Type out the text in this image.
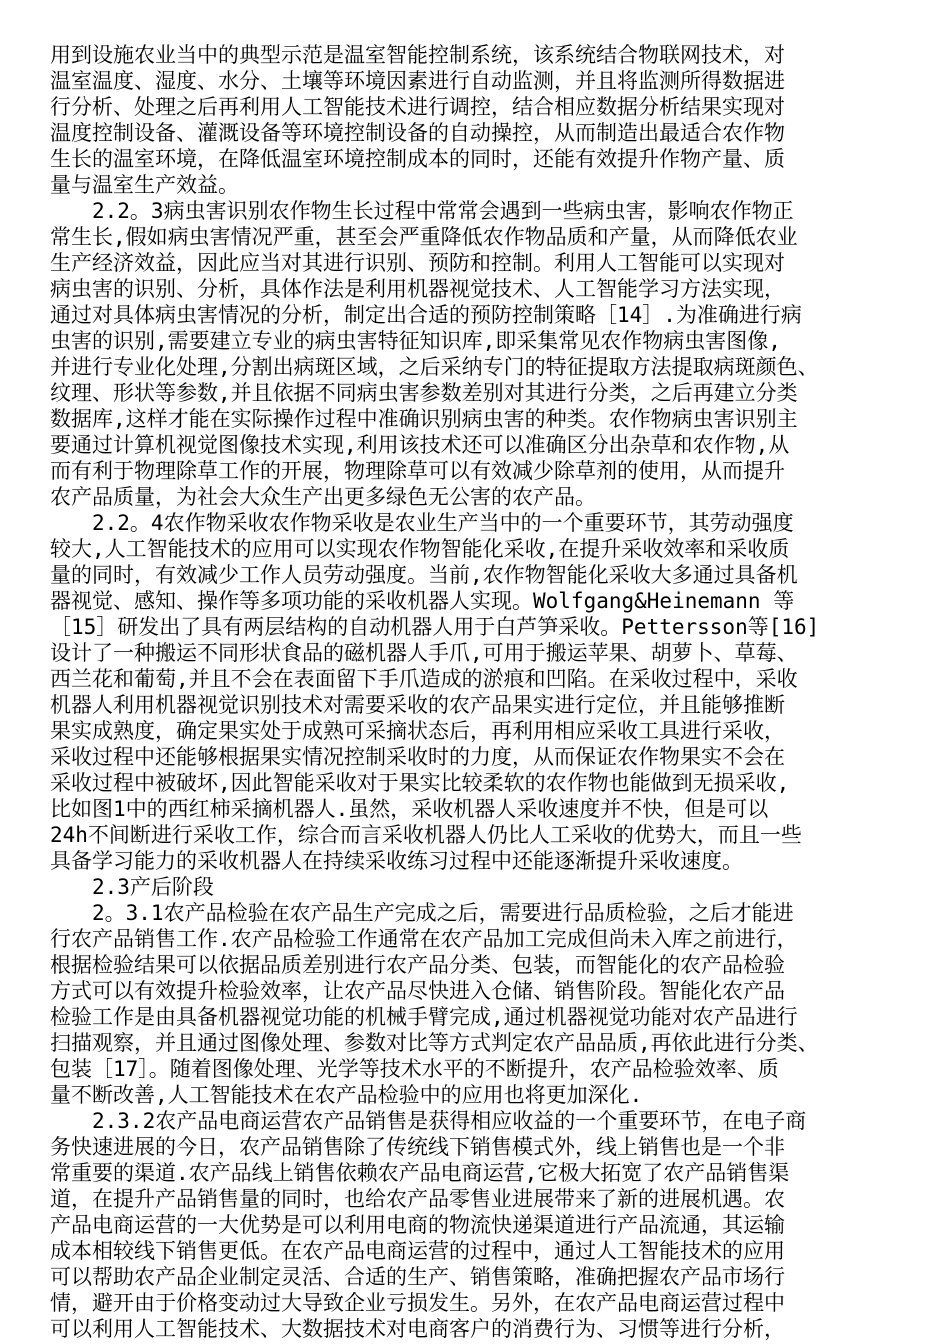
用到设施农业当中的典型示范是温室智能控制系统，该系统结合物联网技术，对
温室温度、湿度、水分、土壤等环境因素进行自动监测，并且将监测所得数据进
行分析、处理之后再利用人工智能技术进行调控，结合相应数据分析结果实现对
温度控制设备、灌溉设备等环境控制设备的自动操控，从而制造出最适合农作物
生长的温室环境，在降低温室环境控制成本的同时，还能有效提升作物产量、质
量与温室生产效益。
　　2.2。3病虫害识别农作物生长过程中常常会遇到一些病虫害，影响农作物正
常生长,假如病虫害情况严重，甚至会严重降低农作物品质和产量，从而降低农业
生产经济效益，因此应当对其进行识别、预防和控制。利用人工智能可以实现对
病虫害的识别、分析，具体作法是利用机器视觉技术、人工智能学习方法实现，
通过对具体病虫害情况的分析，制定出合适的预防控制策略［14］.为准确进行病
虫害的识别,需要建立专业的病虫害特征知识库,即采集常见农作物病虫害图像,
并进行专业化处理,分割出病斑区域，之后采纳专门的特征提取方法提取病斑颜色、
纹理、形状等参数,并且依据不同病虫害参数差别对其进行分类，之后再建立分类
数据库,这样才能在实际操作过程中准确识别病虫害的种类。农作物病虫害识别主
要通过计算机视觉图像技术实现,利用该技术还可以准确区分出杂草和农作物,从
而有利于物理除草工作的开展，物理除草可以有效减少除草剂的使用，从而提升
农产品质量，为社会大众生产出更多绿色无公害的农产品。
　　2.2。4农作物采收农作物采收是农业生产当中的一个重要环节，其劳动强度
较大,人工智能技术的应用可以实现农作物智能化采收,在提升采收效率和采收质
量的同时，有效减少工作人员劳动强度。当前,农作物智能化采收大多通过具备机
器视觉、感知、操作等多项功能的采收机器人实现。Wolfgang&Heinemann 等
［15］研发出了具有两层结构的自动机器人用于白芦笋采收。Pettersson等[16]
设计了一种搬运不同形状食品的磁机器人手爪,可用于搬运苹果、胡萝卜、草莓、
西兰花和葡萄,并且不会在表面留下手爪造成的淤痕和凹陷。在采收过程中，采收
机器人利用机器视觉识别技术对需要采收的农产品果实进行定位，并且能够推断
果实成熟度，确定果实处于成熟可采摘状态后，再利用相应采收工具进行采收，
采收过程中还能够根据果实情况控制采收时的力度，从而保证农作物果实不会在
采收过程中被破坏,因此智能采收对于果实比较柔软的农作物也能做到无损采收,
比如图1中的西红柿采摘机器人.虽然，采收机器人采收速度并不快，但是可以
24h不间断进行采收工作，综合而言采收机器人仍比人工采收的优势大，而且一些
具备学习能力的采收机器人在持续采收练习过程中还能逐渐提升采收速度。
　　2.3产后阶段
　　2。3.1农产品检验在农产品生产完成之后，需要进行品质检验，之后才能进
行农产品销售工作.农产品检验工作通常在农产品加工完成但尚未入库之前进行，
根据检验结果可以依据品质差别进行农产品分类、包装，而智能化的农产品检验
方式可以有效提升检验效率，让农产品尽快进入仓储、销售阶段。智能化农产品
检验工作是由具备机器视觉功能的机械手臂完成,通过机器视觉功能对农产品进行
扫描观察，并且通过图像处理、参数对比等方式判定农产品品质,再依此进行分类、
包装［17］。随着图像处理、光学等技术水平的不断提升，农产品检验效率、质
量不断改善,人工智能技术在农产品检验中的应用也将更加深化.
　　2.3.2农产品电商运营农产品销售是获得相应收益的一个重要环节，在电子商
务快速进展的今日，农产品销售除了传统线下销售模式外，线上销售也是一个非
常重要的渠道.农产品线上销售依赖农产品电商运营,它极大拓宽了农产品销售渠
道，在提升产品销售量的同时，也给农产品零售业进展带来了新的进展机遇。农
产品电商运营的一大优势是可以利用电商的物流快递渠道进行产品流通，其运输
成本相较线下销售更低。在农产品电商运营的过程中，通过人工智能技术的应用
可以帮助农产品企业制定灵活、合适的生产、销售策略，准确把握农产品市场行
情，避开由于价格变动过大导致企业亏损发生。另外，在农产品电商运营过程中
可以利用人工智能技术、大数据技术对电商客户的消费行为、习惯等进行分析，
